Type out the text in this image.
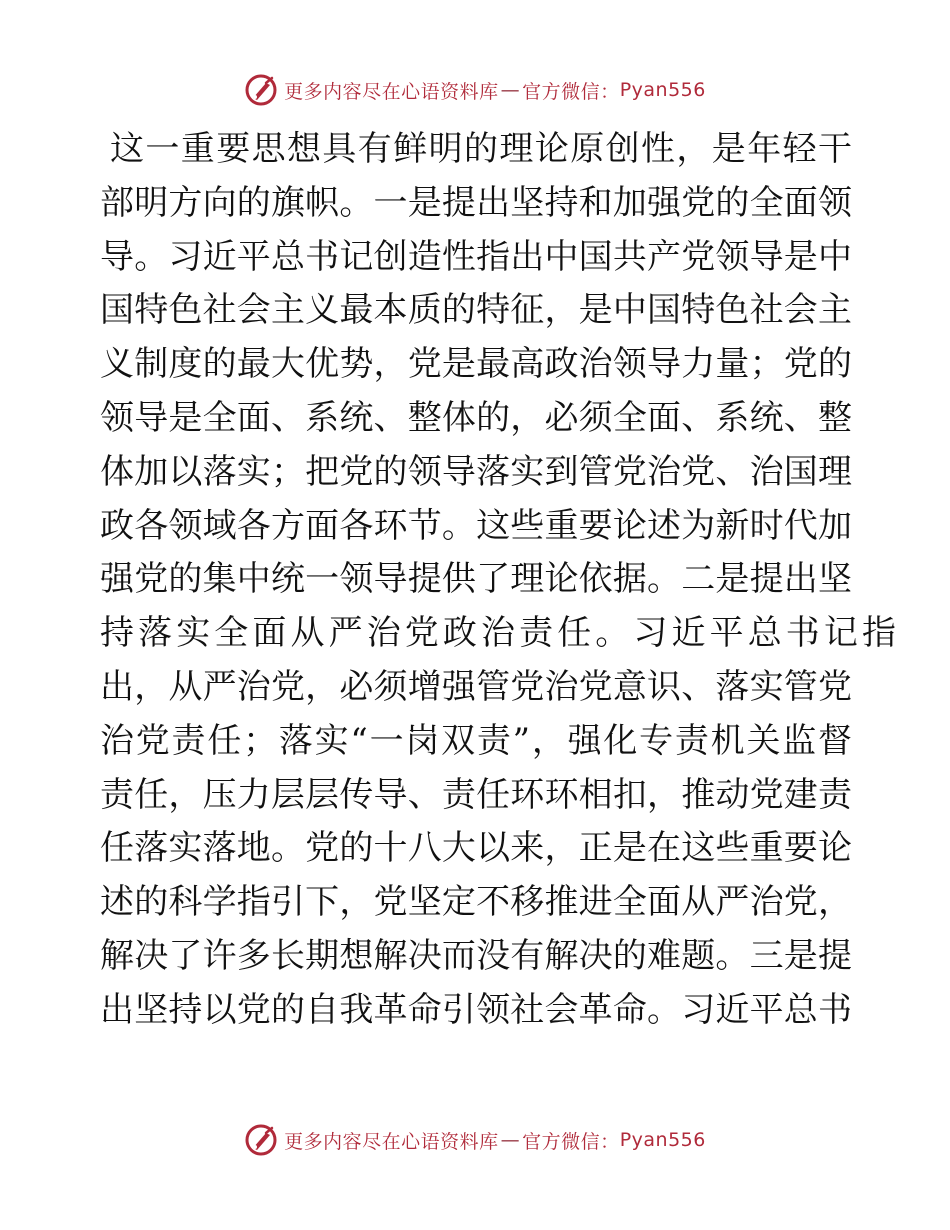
更多内容尽在心语资料库 — 官方微信： Pyan556
这一重要思想具有鲜明的理论原创性，是年轻干
部明方向的旗帜。一是提出坚持和加强党的全面领
导。习近平总书记创造性指出中国共产党领导是中
国特色社会主义最本质的特征，是中国特色社会主
义制度的最大优势，党是最高政治领导力量；党的
领导是全面、系统、整体的，必须全面、系统、整
体加以落实；把党的领导落实到管党治党、治国理
政各领域各方面各环节。这些重要论述为新时代加
强党的集中统一领导提供了理论依据。二是提出坚
持落实全面从严治党政治责任。习近平总书记指
出，从严治党，必须增强管党治党意识、落实管党
治党责任；落实“一岗双责”，强化专责机关监督
责任，压力层层传导、责任环环相扣，推动党建责
任落实落地。党的十八大以来，正是在这些重要论
述的科学指引下，党坚定不移推进全面从严治党，
解决了许多长期想解决而没有解决的难题。三是提
出坚持以党的自我革命引领社会革命。习近平总书
更多内容尽在心语资料库 — 官方微信： Pyan556
